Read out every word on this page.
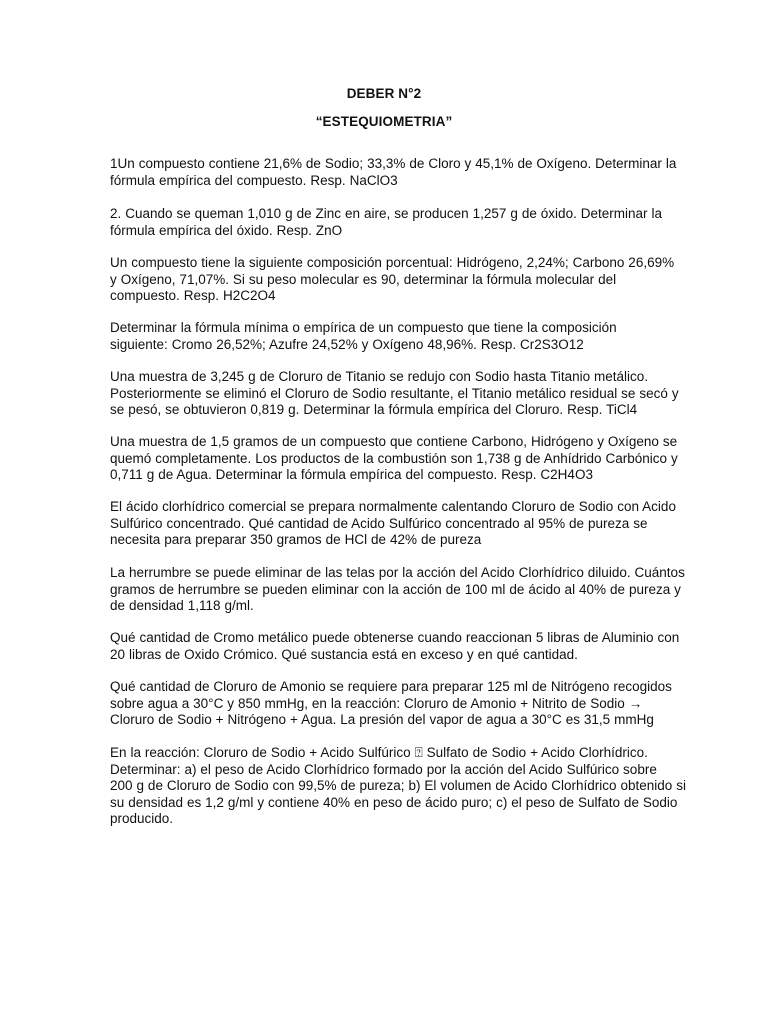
DEBER N°2
“ESTEQUIOMETRIA”
1Un compuesto contiene 21,6% de Sodio; 33,3% de Cloro y 45,1% de Oxígeno. Determinar la
fórmula empírica del compuesto. Resp. NaClO3
2. Cuando se queman 1,010 g de Zinc en aire, se producen 1,257 g de óxido. Determinar la
fórmula empírica del óxido. Resp. ZnO
Un compuesto tiene la siguiente composición porcentual: Hidrógeno, 2,24%; Carbono 26,69%
y Oxígeno, 71,07%. Si su peso molecular es 90, determinar la fórmula molecular del
compuesto. Resp. H2C2O4
Determinar la fórmula mínima o empírica de un compuesto que tiene la composición
siguiente: Cromo 26,52%; Azufre 24,52% y Oxígeno 48,96%. Resp. Cr2S3O12
Una muestra de 3,245 g de Cloruro de Titanio se redujo con Sodio hasta Titanio metálico.
Posteriormente se eliminó el Cloruro de Sodio resultante, el Titanio metálico residual se secó y
se pesó, se obtuvieron 0,819 g. Determinar la fórmula empírica del Cloruro. Resp. TiCl4
Una muestra de 1,5 gramos de un compuesto que contiene Carbono, Hidrógeno y Oxígeno se
quemó completamente. Los productos de la combustión son 1,738 g de Anhídrido Carbónico y
0,711 g de Agua. Determinar la fórmula empírica del compuesto. Resp. C2H4O3
El ácido clorhídrico comercial se prepara normalmente calentando Cloruro de Sodio con Acido
Sulfúrico concentrado. Qué cantidad de Acido Sulfúrico concentrado al 95% de pureza se
necesita para preparar 350 gramos de HCl de 42% de pureza
La herrumbre se puede eliminar de las telas por la acción del Acido Clorhídrico diluido. Cuántos
gramos de herrumbre se pueden eliminar con la acción de 100 ml de ácido al 40% de pureza y
de densidad 1,118 g/ml.
Qué cantidad de Cromo metálico puede obtenerse cuando reaccionan 5 libras de Aluminio con
20 libras de Oxido Crómico. Qué sustancia está en exceso y en qué cantidad.
Qué cantidad de Cloruro de Amonio se requiere para preparar 125 ml de Nitrógeno recogidos
sobre agua a 30°C y 850 mmHg, en la reacción: Cloruro de Amonio + Nitrito de Sodio →
Cloruro de Sodio + Nitrógeno + Agua. La presión del vapor de agua a 30°C es 31,5 mmHg
En la reacción: Cloruro de Sodio + Acido Sulfúrico ⍰ Sulfato de Sodio + Acido Clorhídrico.
Determinar: a) el peso de Acido Clorhídrico formado por la acción del Acido Sulfúrico sobre
200 g de Cloruro de Sodio con 99,5% de pureza; b) El volumen de Acido Clorhídrico obtenido si
su densidad es 1,2 g/ml y contiene 40% en peso de ácido puro; c) el peso de Sulfato de Sodio
producido.
